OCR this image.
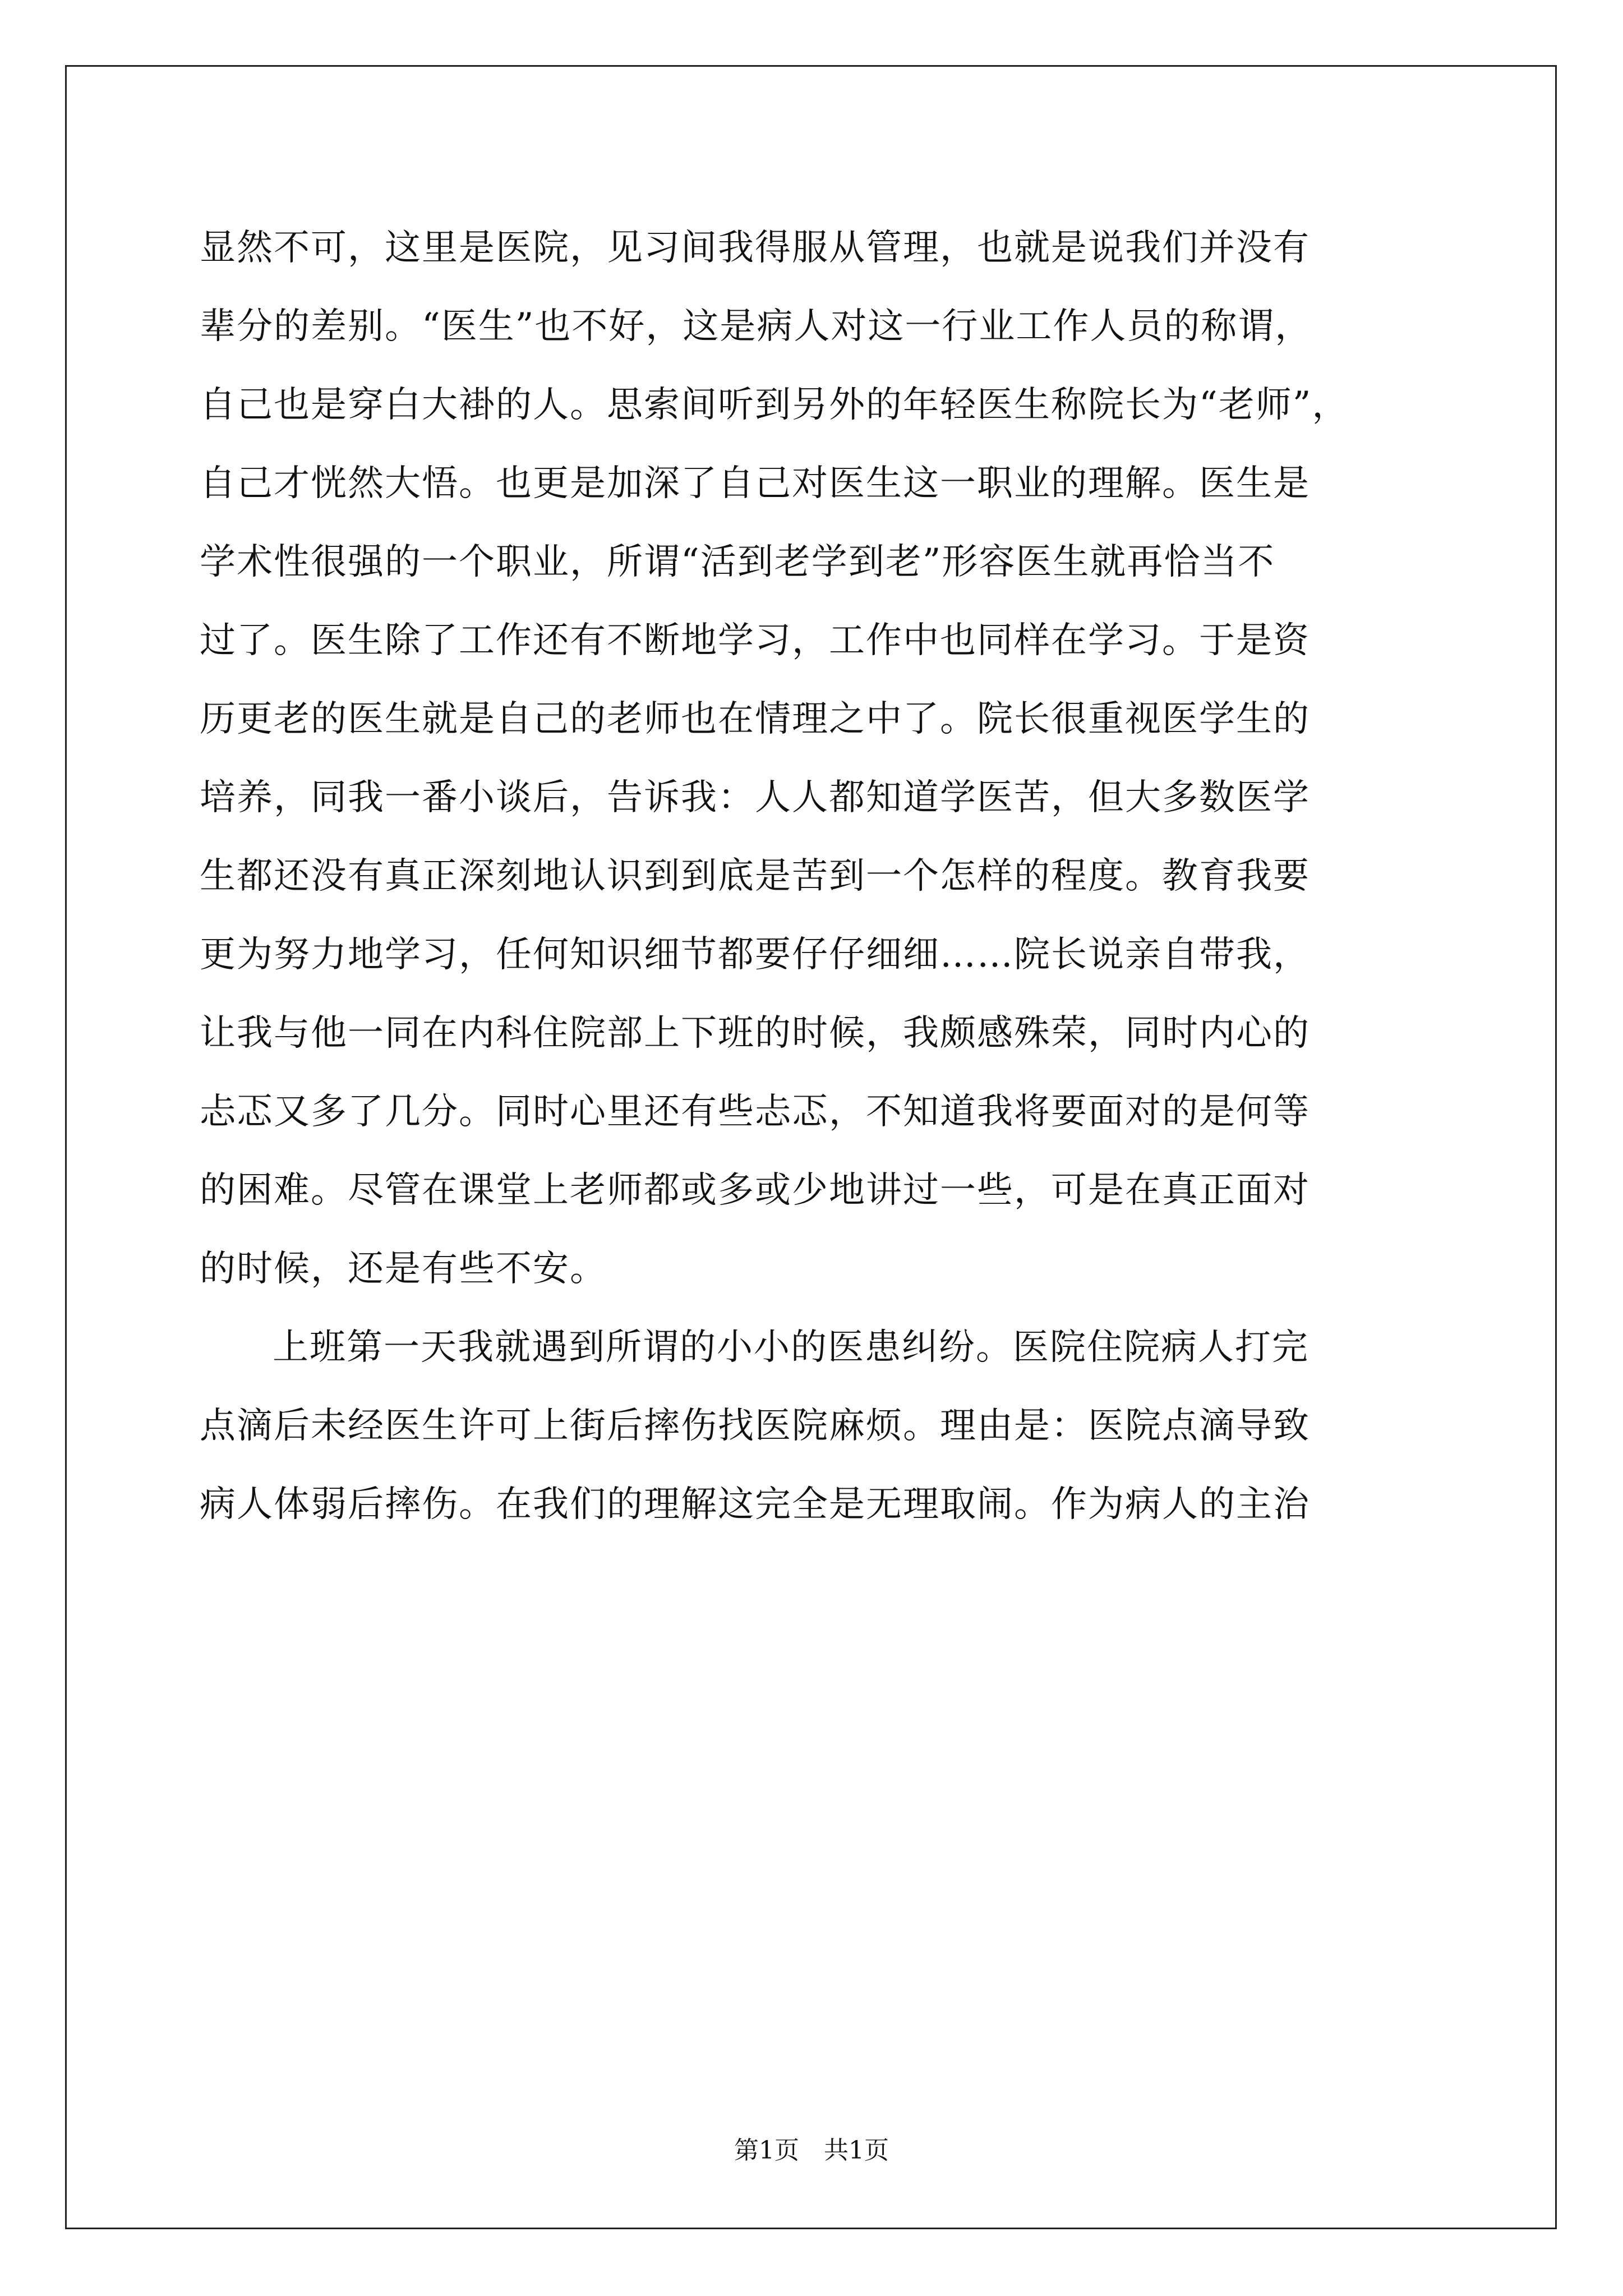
显然不可，这里是医院，见习间我得服从管理，也就是说我们并没有
辈分的差别。“医生”也不好，这是病人对这一行业工作人员的称谓，
自己也是穿白大褂的人。思索间听到另外的年轻医生称院长为“老师”，
自己才恍然大悟。也更是加深了自己对医生这一职业的理解。医生是
学术性很强的一个职业，所谓“活到老学到老”形容医生就再恰当不
过了。医生除了工作还有不断地学习，工作中也同样在学习。于是资
历更老的医生就是自己的老师也在情理之中了。院长很重视医学生的
培养，同我一番小谈后，告诉我：人人都知道学医苦，但大多数医学
生都还没有真正深刻地认识到到底是苦到一个怎样的程度。教育我要
更为努力地学习，任何知识细节都要仔仔细细……院长说亲自带我，
让我与他一同在内科住院部上下班的时候，我颇感殊荣，同时内心的
忐忑又多了几分。同时心里还有些忐忑，不知道我将要面对的是何等
的困难。尽管在课堂上老师都或多或少地讲过一些，可是在真正面对
的时候，还是有些不安。
上班第一天我就遇到所谓的小小的医患纠纷。医院住院病人打完
点滴后未经医生许可上街后摔伤找医院麻烦。理由是：医院点滴导致
病人体弱后摔伤。在我们的理解这完全是无理取闹。作为病人的主治
第1页　共1页
